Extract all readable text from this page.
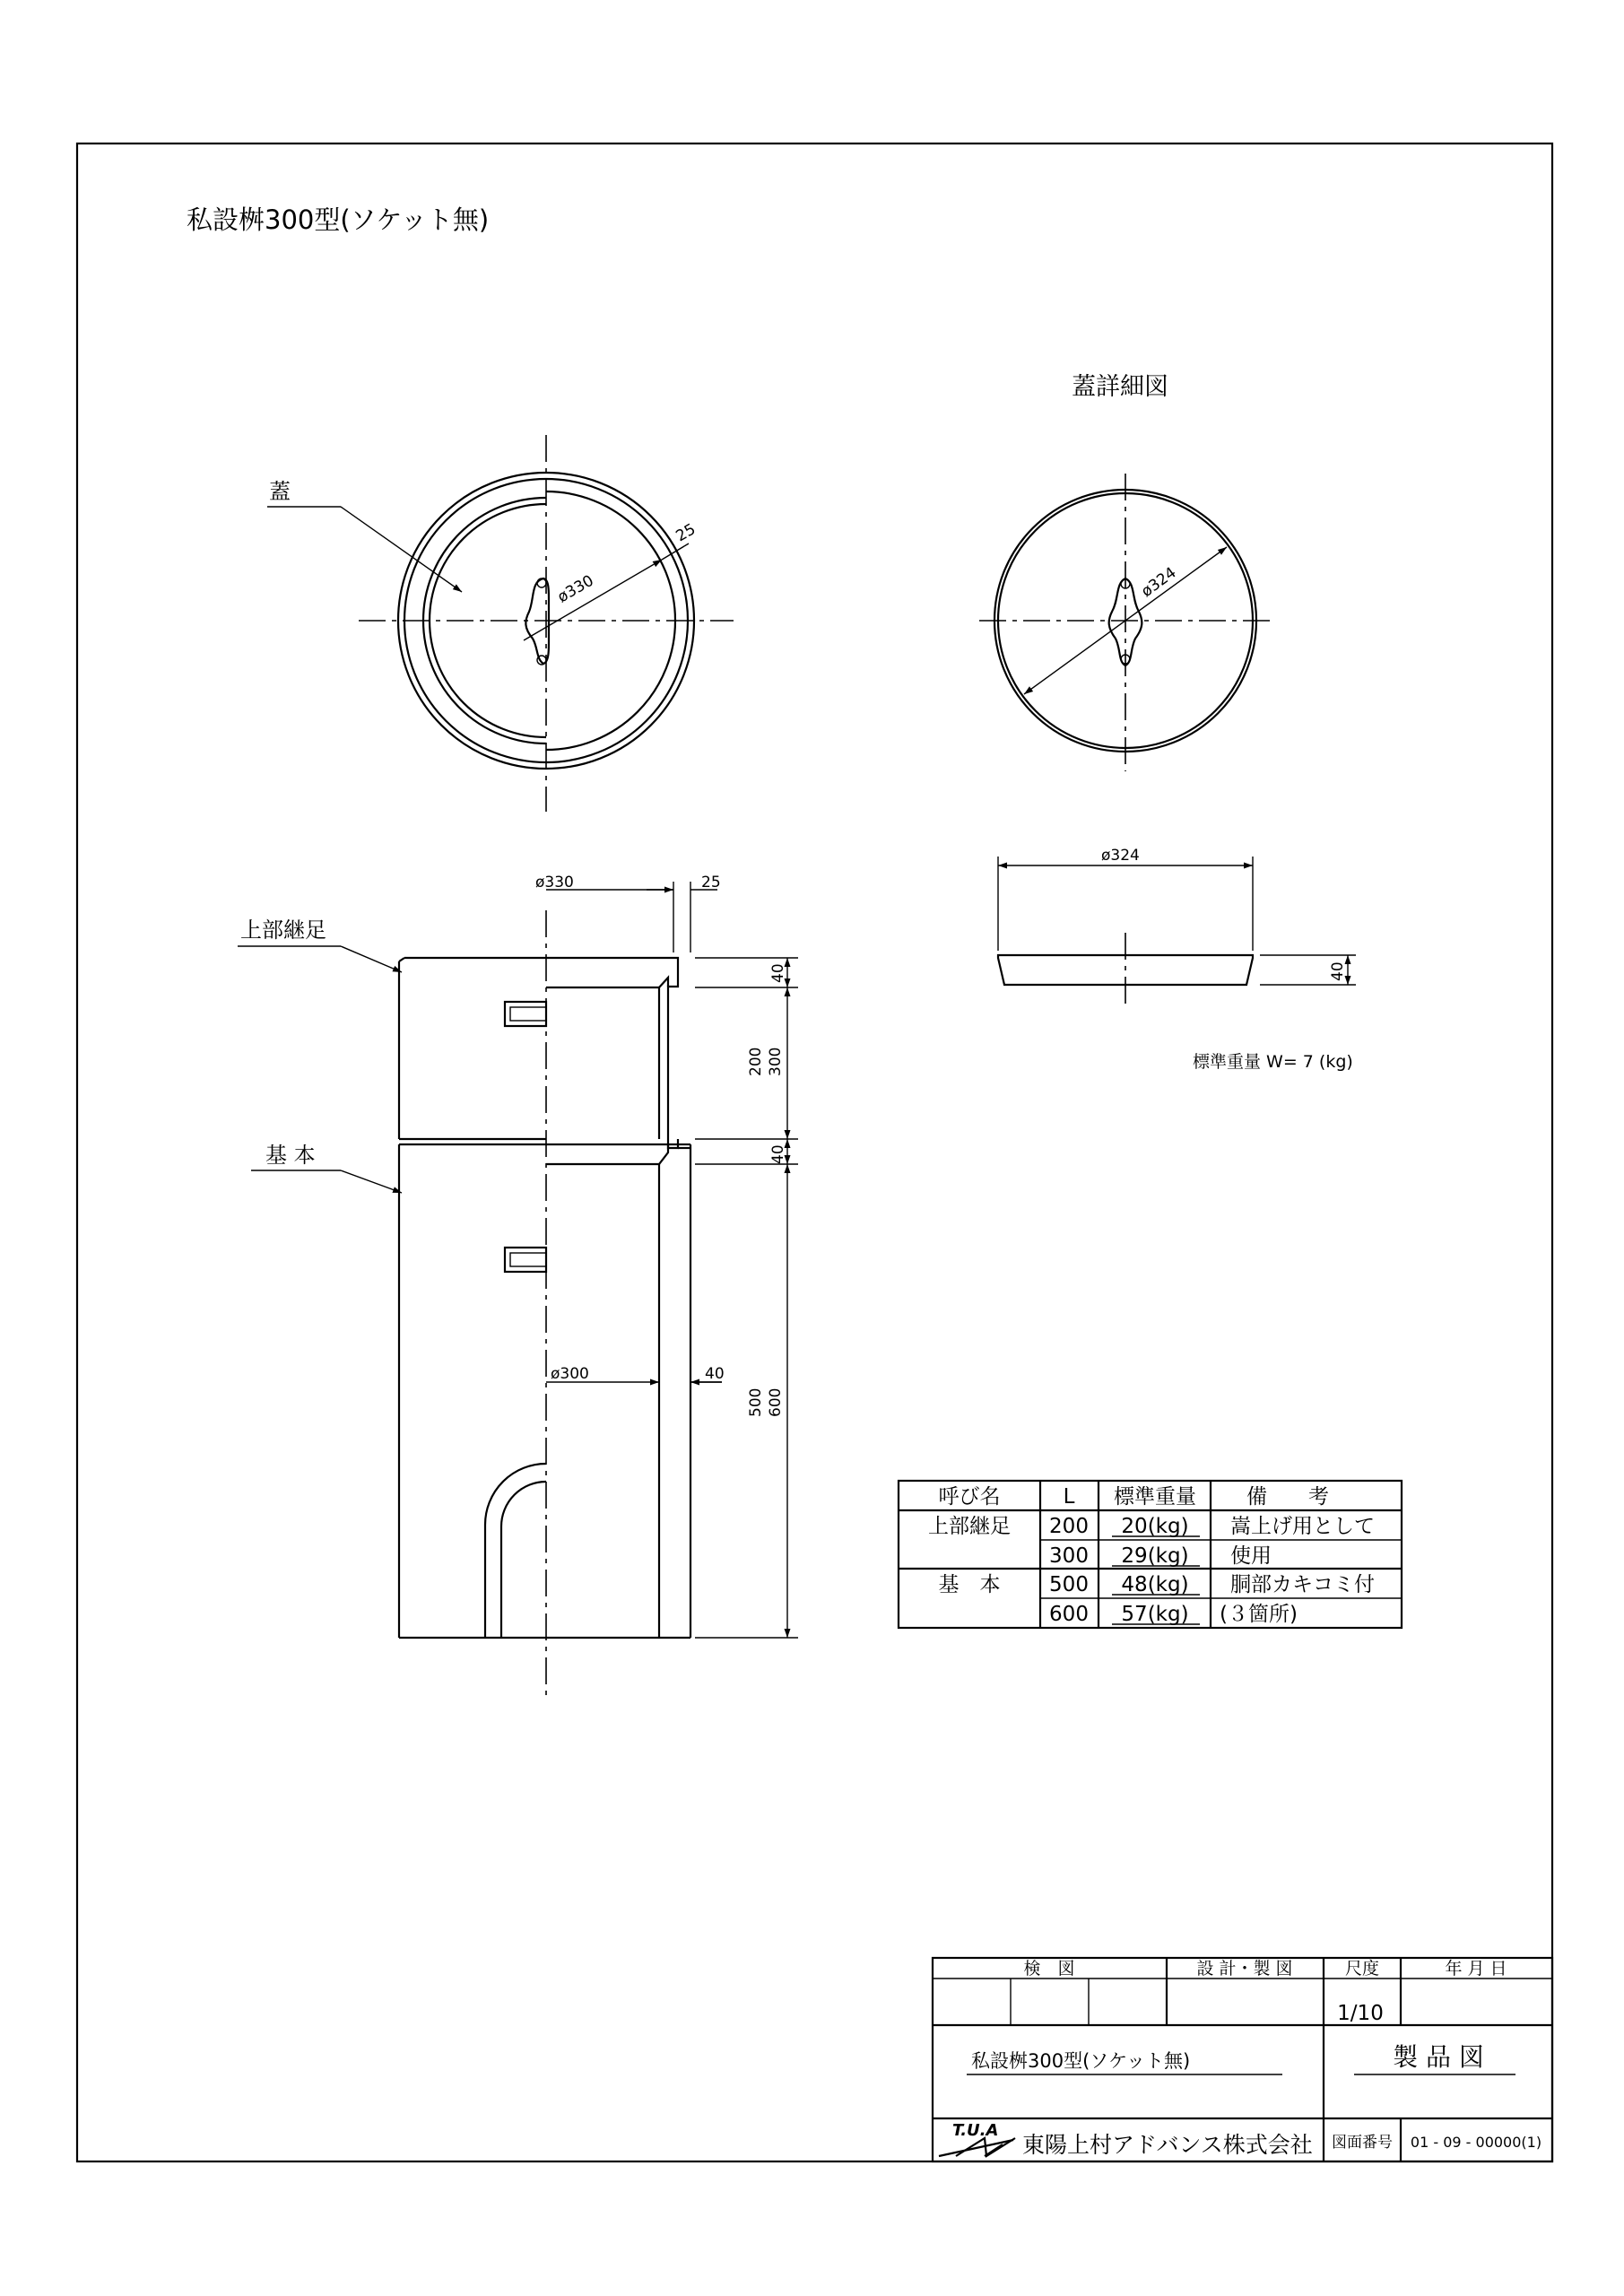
私設桝300型(ソケット無)
ø330
25
蓋
蓋詳細図
ø324
ø330	25
40
200 300
40
500 600
ø300	40
上部継足
基 本
ø324
40
標準重量 W= 7 (kg)
呼び名	L 標準重量 備　　考
上部継足 200 20(kg) 嵩上げ用として
300 29(kg) 使用
基　本 500 48(kg) 胴部カキコミ付
600 57(kg) (３箇所)
検　図	設 計・製 図	尺度	年 月 日
1/10
私設桝300型(ソケット無)	製 品 図
T.U.A
東陽上村アドバンス株式会社 図面番号 01 - 09 - 00000(1)
